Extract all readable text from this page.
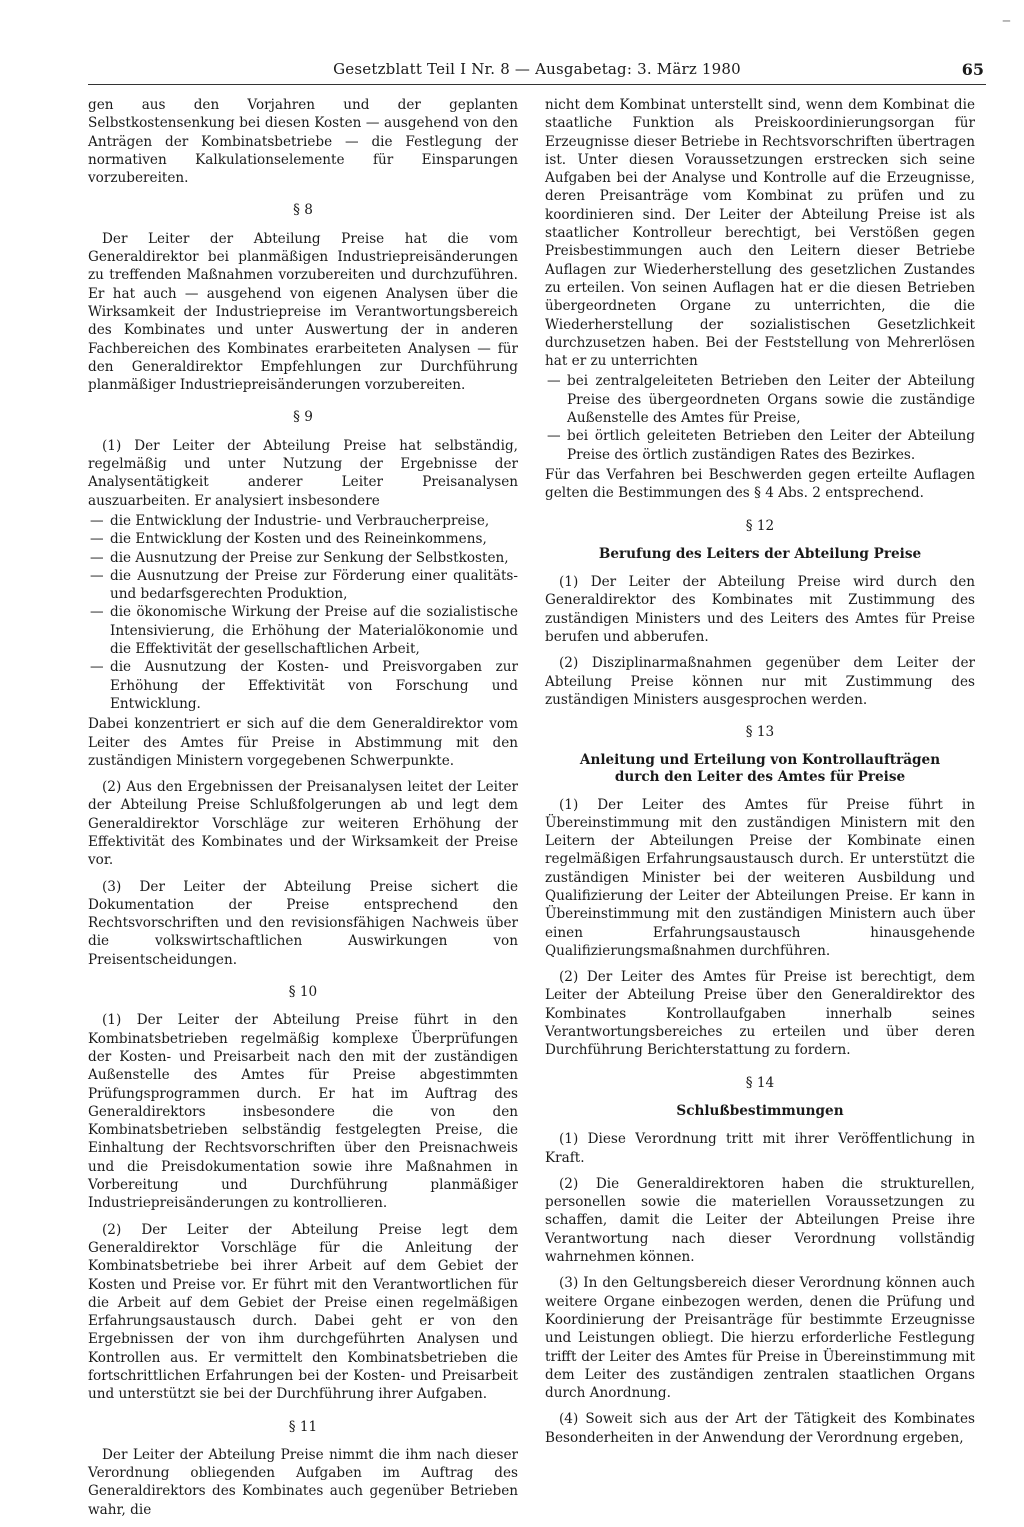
─
Gesetzblatt Teil I Nr. 8 — Ausgabetag: 3. März 1980	65

gen aus den Vorjahren und der geplanten Selbstkostensenkung bei diesen Kosten — ausgehend von den Anträgen der Kombinatsbetriebe — die Festlegung der normativen Kalkulationselemente für Einsparungen vorzubereiten.

§ 8

Der Leiter der Abteilung Preise hat die vom Generaldirektor bei planmäßigen Industriepreisänderungen zu treffenden Maßnahmen vorzubereiten und durchzuführen. Er hat auch — ausgehend von eigenen Analysen über die Wirksamkeit der Industriepreise im Verantwortungsbereich des Kombinates und unter Auswertung der in anderen Fachbereichen des Kombinates erarbeiteten Analysen — für den Generaldirektor Empfehlungen zur Durchführung planmäßiger Industriepreisänderungen vorzubereiten.

§ 9

(1) Der Leiter der Abteilung Preise hat selbständig, regelmäßig und unter Nutzung der Ergebnisse der Analysentätigkeit anderer Leiter Preisanalysen auszuarbeiten. Er analysiert insbesondere

— die Entwicklung der Industrie- und Verbraucherpreise,
— die Entwicklung der Kosten und des Reineinkommens,
— die Ausnutzung der Preise zur Senkung der Selbstkosten,
— die Ausnutzung der Preise zur Förderung einer qualitäts- und bedarfsgerechten Produktion,
— die ökonomische Wirkung der Preise auf die sozialistische Intensivierung, die Erhöhung der Materialökonomie und die Effektivität der gesellschaftlichen Arbeit,
— die Ausnutzung der Kosten- und Preisvorgaben zur Erhöhung der Effektivität von Forschung und Entwicklung.

Dabei konzentriert er sich auf die dem Generaldirektor vom Leiter des Amtes für Preise in Abstimmung mit den zuständigen Ministern vorgegebenen Schwerpunkte.

(2) Aus den Ergebnissen der Preisanalysen leitet der Leiter der Abteilung Preise Schlußfolgerungen ab und legt dem Generaldirektor Vorschläge zur weiteren Erhöhung der Effektivität des Kombinates und der Wirksamkeit der Preise vor.

(3) Der Leiter der Abteilung Preise sichert die Dokumentation der Preise entsprechend den Rechtsvorschriften und den revisionsfähigen Nachweis über die volkswirtschaftlichen Auswirkungen von Preisentscheidungen.

§ 10

(1) Der Leiter der Abteilung Preise führt in den Kombinatsbetrieben regelmäßig komplexe Überprüfungen der Kosten- und Preisarbeit nach den mit der zuständigen Außenstelle des Amtes für Preise abgestimmten Prüfungsprogrammen durch. Er hat im Auftrag des Generaldirektors insbesondere die von den Kombinatsbetrieben selbständig festgelegten Preise, die Einhaltung der Rechtsvorschriften über den Preisnachweis und die Preisdokumentation sowie ihre Maßnahmen in Vorbereitung und Durchführung planmäßiger Industriepreisänderungen zu kontrollieren.

(2) Der Leiter der Abteilung Preise legt dem Generaldirektor Vorschläge für die Anleitung der Kombinatsbetriebe bei ihrer Arbeit auf dem Gebiet der Kosten und Preise vor. Er führt mit den Verantwortlichen für die Arbeit auf dem Gebiet der Preise einen regelmäßigen Erfahrungsaustausch durch. Dabei geht er von den Ergebnissen der von ihm durchgeführten Analysen und Kontrollen aus. Er vermittelt den Kombinatsbetrieben die fortschrittlichen Erfahrungen bei der Kosten- und Preisarbeit und unterstützt sie bei der Durchführung ihrer Aufgaben.

§ 11

Der Leiter der Abteilung Preise nimmt die ihm nach dieser Verordnung obliegenden Aufgaben im Auftrag des Generaldirektors des Kombinates auch gegenüber Betrieben wahr, die

nicht dem Kombinat unterstellt sind, wenn dem Kombinat die staatliche Funktion als Preiskoordinierungsorgan für Erzeugnisse dieser Betriebe in Rechtsvorschriften übertragen ist. Unter diesen Voraussetzungen erstrecken sich seine Aufgaben bei der Analyse und Kontrolle auf die Erzeugnisse, deren Preisanträge vom Kombinat zu prüfen und zu koordinieren sind. Der Leiter der Abteilung Preise ist als staatlicher Kontrolleur berechtigt, bei Verstößen gegen Preisbestimmungen auch den Leitern dieser Betriebe Auflagen zur Wiederherstellung des gesetzlichen Zustandes zu erteilen. Von seinen Auflagen hat er die diesen Betrieben übergeordneten Organe zu unterrichten, die die Wiederherstellung der sozialistischen Gesetzlichkeit durchzusetzen haben. Bei der Feststellung von Mehrerlösen hat er zu unterrichten

— bei zentralgeleiteten Betrieben den Leiter der Abteilung Preise des übergeordneten Organs sowie die zuständige Außenstelle des Amtes für Preise,
— bei örtlich geleiteten Betrieben den Leiter der Abteilung Preise des örtlich zuständigen Rates des Bezirkes.

Für das Verfahren bei Beschwerden gegen erteilte Auflagen gelten die Bestimmungen des § 4 Abs. 2 entsprechend.

§ 12
Berufung des Leiters der Abteilung Preise

(1) Der Leiter der Abteilung Preise wird durch den Generaldirektor des Kombinates mit Zustimmung des zuständigen Ministers und des Leiters des Amtes für Preise berufen und abberufen.

(2) Disziplinarmaßnahmen gegenüber dem Leiter der Abteilung Preise können nur mit Zustimmung des zuständigen Ministers ausgesprochen werden.

§ 13
Anleitung und Erteilung von Kontrollaufträgen
durch den Leiter des Amtes für Preise

(1) Der Leiter des Amtes für Preise führt in Übereinstimmung mit den zuständigen Ministern mit den Leitern der Abteilungen Preise der Kombinate einen regelmäßigen Erfahrungsaustausch durch. Er unterstützt die zuständigen Minister bei der weiteren Ausbildung und Qualifizierung der Leiter der Abteilungen Preise. Er kann in Übereinstimmung mit den zuständigen Ministern auch über einen Erfahrungsaustausch hinausgehende Qualifizierungsmaßnahmen durchführen.

(2) Der Leiter des Amtes für Preise ist berechtigt, dem Leiter der Abteilung Preise über den Generaldirektor des Kombinates Kontrollaufgaben innerhalb seines Verantwortungsbereiches zu erteilen und über deren Durchführung Berichterstattung zu fordern.

§ 14
Schlußbestimmungen

(1) Diese Verordnung tritt mit ihrer Veröffentlichung in Kraft.

(2) Die Generaldirektoren haben die strukturellen, personellen sowie die materiellen Voraussetzungen zu schaffen, damit die Leiter der Abteilungen Preise ihre Verantwortung nach dieser Verordnung vollständig wahrnehmen können.

(3) In den Geltungsbereich dieser Verordnung können auch weitere Organe einbezogen werden, denen die Prüfung und Koordinierung der Preisanträge für bestimmte Erzeugnisse und Leistungen obliegt. Die hierzu erforderliche Festlegung trifft der Leiter des Amtes für Preise in Übereinstimmung mit dem Leiter des zuständigen zentralen staatlichen Organs durch Anordnung.

(4) Soweit sich aus der Art der Tätigkeit des Kombinates Besonderheiten in der Anwendung der Verordnung ergeben,
